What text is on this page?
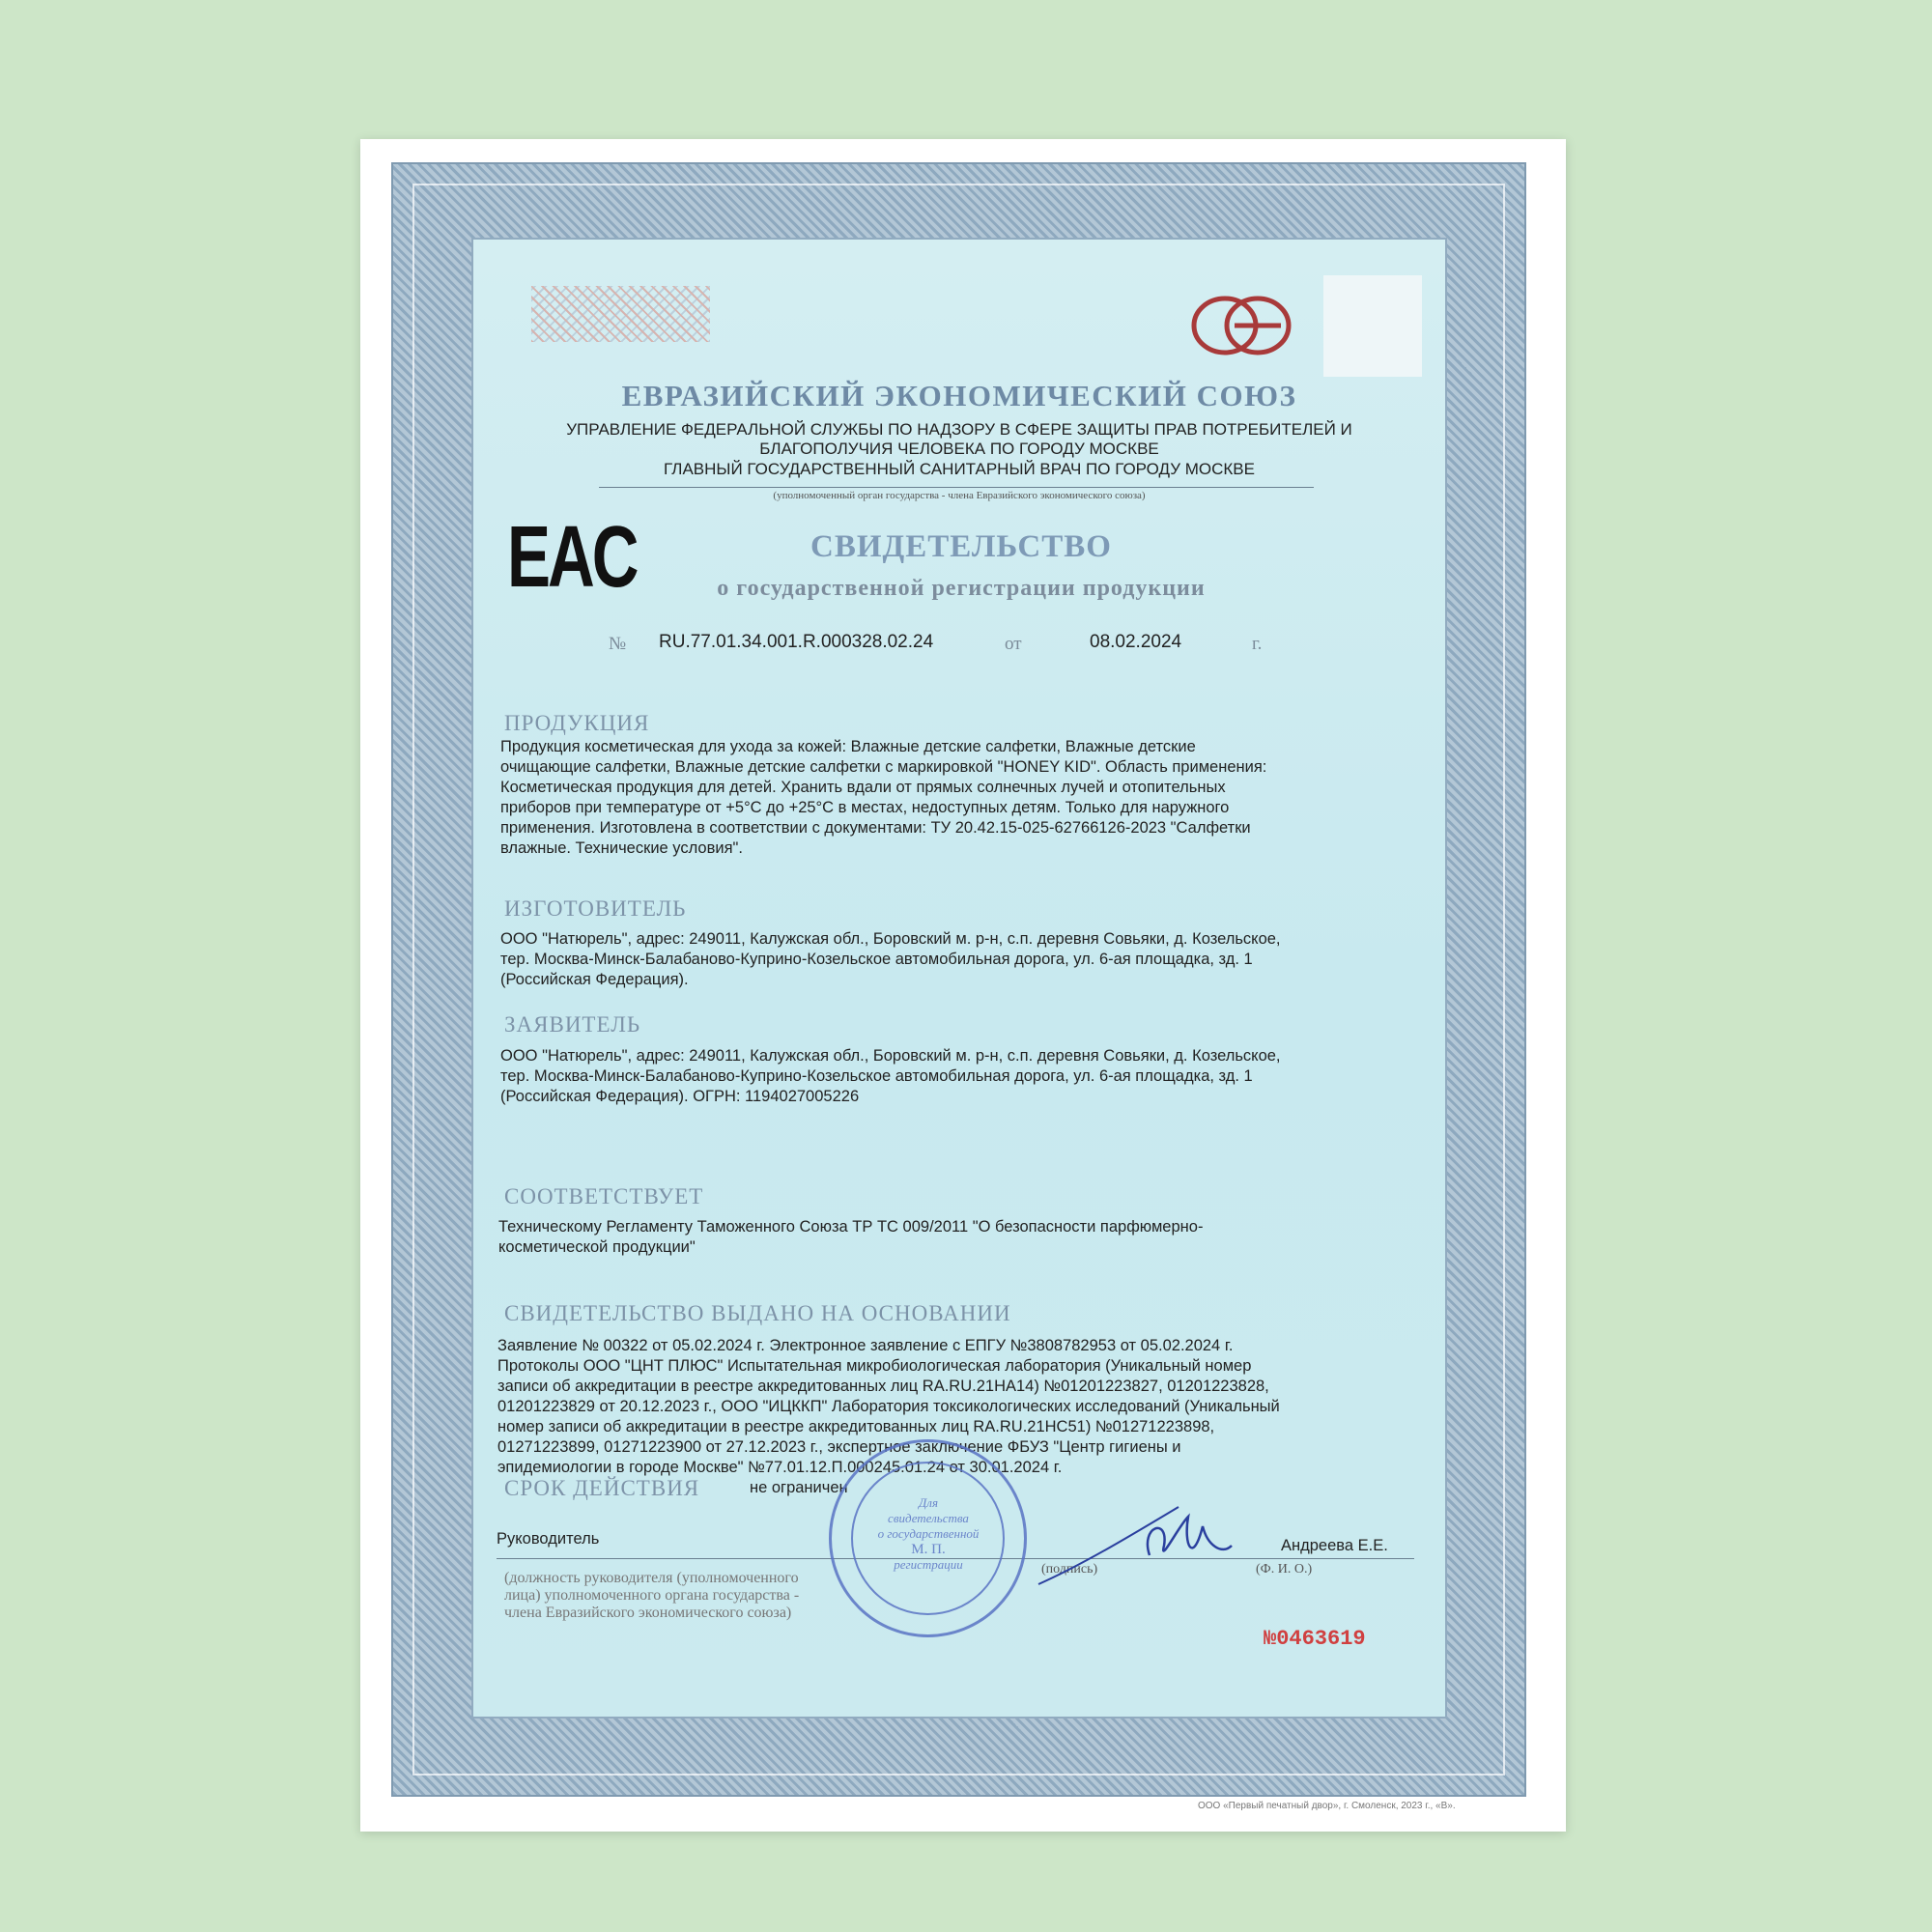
ЕВРАЗИЙСКИЙ ЭКОНОМИЧЕСКИЙ СОЮЗ
УПРАВЛЕНИЕ ФЕДЕРАЛЬНОЙ СЛУЖБЫ ПО НАДЗОРУ В СФЕРЕ ЗАЩИТЫ ПРАВ ПОТРЕБИТЕЛЕЙ И
БЛАГОПОЛУЧИЯ ЧЕЛОВЕКА ПО ГОРОДУ МОСКВЕ
ГЛАВНЫЙ ГОСУДАРСТВЕННЫЙ САНИТАРНЫЙ ВРАЧ ПО ГОРОДУ МОСКВЕ
(уполномоченный орган государства - члена Евразийского экономического союза)
EAC	СВИДЕТЕЛЬСТВО
о государственной регистрации продукции
№ RU.77.01.34.001.R.000328.02.24	от	08.02.2024	г.
ПРОДУКЦИЯ
Продукция косметическая для ухода за кожей: Влажные детские салфетки, Влажные детские
очищающие салфетки, Влажные детские салфетки с маркировкой "HONEY KID". Область применения:
Косметическая продукция для детей. Хранить вдали от прямых солнечных лучей и отопительных
приборов при температуре от +5°С до +25°С в местах, недоступных детям. Только для наружного
применения. Изготовлена в соответствии с документами: ТУ 20.42.15-025-62766126-2023 "Салфетки
влажные. Технические условия".
ИЗГОТОВИТЕЛЬ
ООО "Натюрель", адрес: 249011, Калужская обл., Боровский м. р-н, с.п. деревня Совьяки, д. Козельское,
тер. Москва-Минск-Балабаново-Куприно-Козельское автомобильная дорога, ул. 6-ая площадка, зд. 1
(Российская Федерация).
ЗАЯВИТЕЛЬ
ООО "Натюрель", адрес: 249011, Калужская обл., Боровский м. р-н, с.п. деревня Совьяки, д. Козельское,
тер. Москва-Минск-Балабаново-Куприно-Козельское автомобильная дорога, ул. 6-ая площадка, зд. 1
(Российская Федерация). ОГРН: 1194027005226
СООТВЕТСТВУЕТ
Техническому Регламенту Таможенного Союза ТР ТС 009/2011 "О безопасности парфюмерно-
косметической продукции"
СВИДЕТЕЛЬСТВО ВЫДАНО НА ОСНОВАНИИ
Заявление № 00322 от 05.02.2024 г. Электронное заявление с ЕПГУ №3808782953 от 05.02.2024 г.
Протоколы ООО "ЦНТ ПЛЮС" Испытательная микробиологическая лаборатория (Уникальный номер
записи об аккредитации в реестре аккредитованных лиц RA.RU.21НА14) №01201223827, 01201223828,
01201223829 от 20.12.2023 г., ООО "ИЦККП" Лаборатория токсикологических исследований (Уникальный
номер записи об аккредитации в реестре аккредитованных лиц RA.RU.21НС51) №01271223898,
01271223899, 01271223900 от 27.12.2023 г., экспертное заключение ФБУЗ "Центр гигиены и
эпидемиологии в городе Москве" №77.01.12.П.000245.01.24 от 30.01.2024 г.
СРОК ДЕЙСТВИЯ	не ограничен
Руководитель	Андреева Е.Е.
(подпись)	(Ф. И. О.)
(должность руководителя (уполномоченного
лица) уполномоченного органа государства -
члена Евразийского экономического союза)
Для
свидетельства
о государственной
М. П.
регистрации
№0463619
ООО «Первый печатный двор», г. Смоленск, 2023 г., «В».
